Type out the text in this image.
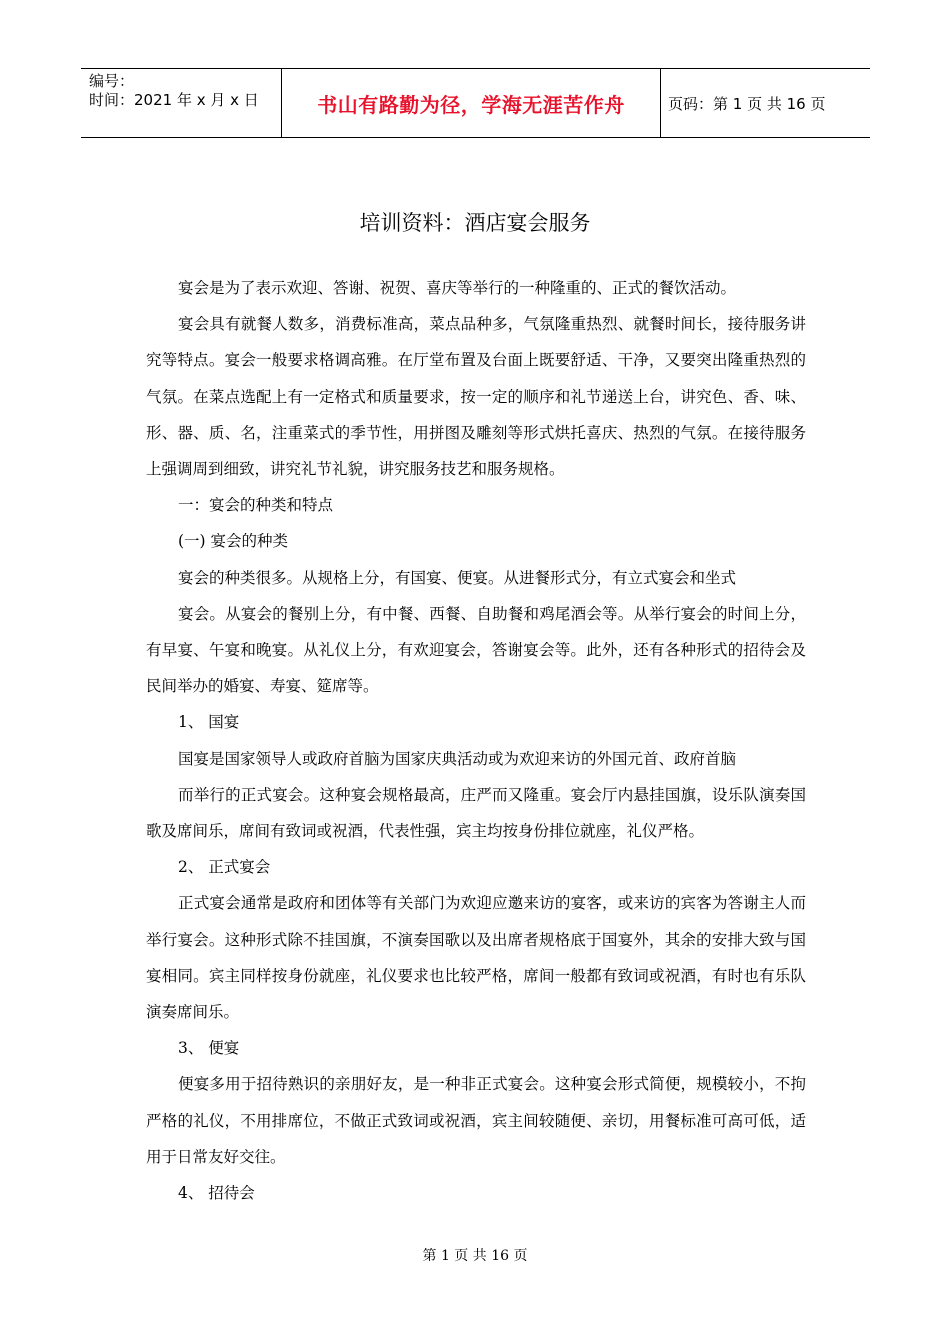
编号：
时间：2021 年 x 月 x 日	书山有路勤为径，学海无涯苦作舟	页码：第 1 页 共 16 页
培训资料：酒店宴会服务

宴会是为了表示欢迎、答谢、祝贺、喜庆等举行的一种隆重的、正式的餐饮活动。

宴会具有就餐人数多，消费标准高，菜点品种多，气氛隆重热烈、就餐时间长，接待服务讲究等特点。宴会一般要求格调高雅。在厅堂布置及台面上既要舒适、干净，又要突出隆重热烈的气氛。在菜点选配上有一定格式和质量要求，按一定的顺序和礼节递送上台，讲究色、香、味、形、器、质、名，注重菜式的季节性，用拼图及雕刻等形式烘托喜庆、热烈的气氛。在接待服务上强调周到细致，讲究礼节礼貌，讲究服务技艺和服务规格。

一：宴会的种类和特点

(一) 宴会的种类

宴会的种类很多。从规格上分，有国宴、便宴。从进餐形式分，有立式宴会和坐式

宴会。从宴会的餐别上分，有中餐、西餐、自助餐和鸡尾酒会等。从举行宴会的时间上分，有早宴、午宴和晚宴。从礼仪上分，有欢迎宴会，答谢宴会等。此外，还有各种形式的招待会及民间举办的婚宴、寿宴、筵席等。

1、 国宴

国宴是国家领导人或政府首脑为国家庆典活动或为欢迎来访的外国元首、政府首脑

而举行的正式宴会。这种宴会规格最高，庄严而又隆重。宴会厅内悬挂国旗，设乐队演奏国歌及席间乐，席间有致词或祝酒，代表性强，宾主均按身份排位就座，礼仪严格。

2、 正式宴会

正式宴会通常是政府和团体等有关部门为欢迎应邀来访的宴客，或来访的宾客为答谢主人而举行宴会。这种形式除不挂国旗，不演奏国歌以及出席者规格底于国宴外，其余的安排大致与国宴相同。宾主同样按身份就座，礼仪要求也比较严格，席间一般都有致词或祝酒，有时也有乐队演奏席间乐。

3、 便宴

便宴多用于招待熟识的亲朋好友，是一种非正式宴会。这种宴会形式简便，规模较小，不拘严格的礼仪，不用排席位，不做正式致词或祝酒，宾主间较随便、亲切，用餐标准可高可低，适用于日常友好交往。

4、 招待会

第 1 页 共 16 页
